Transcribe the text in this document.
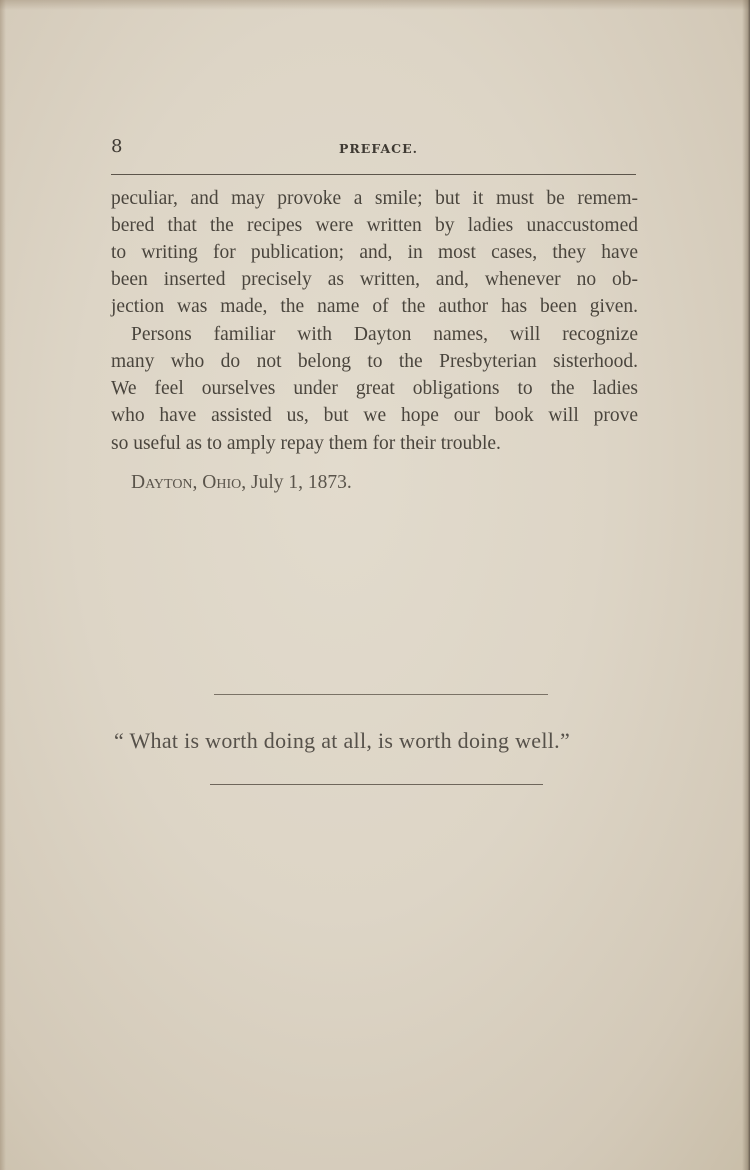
8	PREFACE.
peculiar, and may provoke a smile; but it must be remem-
bered that the recipes were written by ladies unaccustomed
to writing for publication; and, in most cases, they have
been inserted precisely as written, and, whenever no ob-
jection was made, the name of the author has been given.
Persons familiar with Dayton names, will recognize
many who do not belong to the Presbyterian sisterhood.
We feel ourselves under great obligations to the ladies
who have assisted us, but we hope our book will prove
so useful as to amply repay them for their trouble.
Dayton, Ohio, July 1, 1873.
“ What is worth doing at all, is worth doing well.”
